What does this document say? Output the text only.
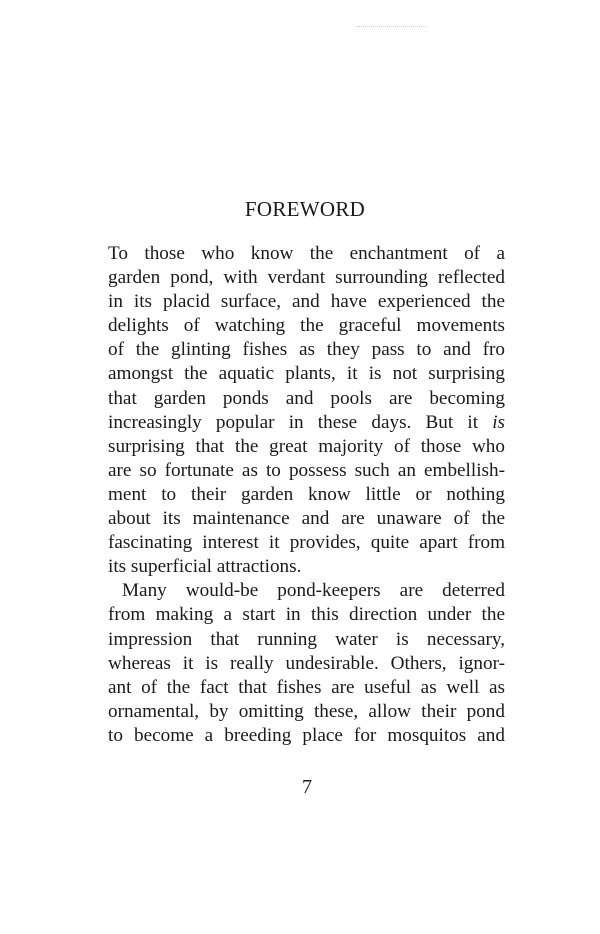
FOREWORD
To those who know the enchantment of a
garden pond, with verdant surrounding reflected
in its placid surface, and have experienced the
delights of watching the graceful movements
of the glinting fishes as they pass to and fro
amongst the aquatic plants, it is not surprising
that garden ponds and pools are becoming
increasingly popular in these days. But it is
surprising that the great majority of those who
are so fortunate as to possess such an embellish-
ment to their garden know little or nothing
about its maintenance and are unaware of the
fascinating interest it provides, quite apart from
its superficial attractions.
Many would-be pond-keepers are deterred
from making a start in this direction under the
impression that running water is necessary,
whereas it is really undesirable. Others, ignor-
ant of the fact that fishes are useful as well as
ornamental, by omitting these, allow their pond
to become a breeding place for mosquitos and
7
